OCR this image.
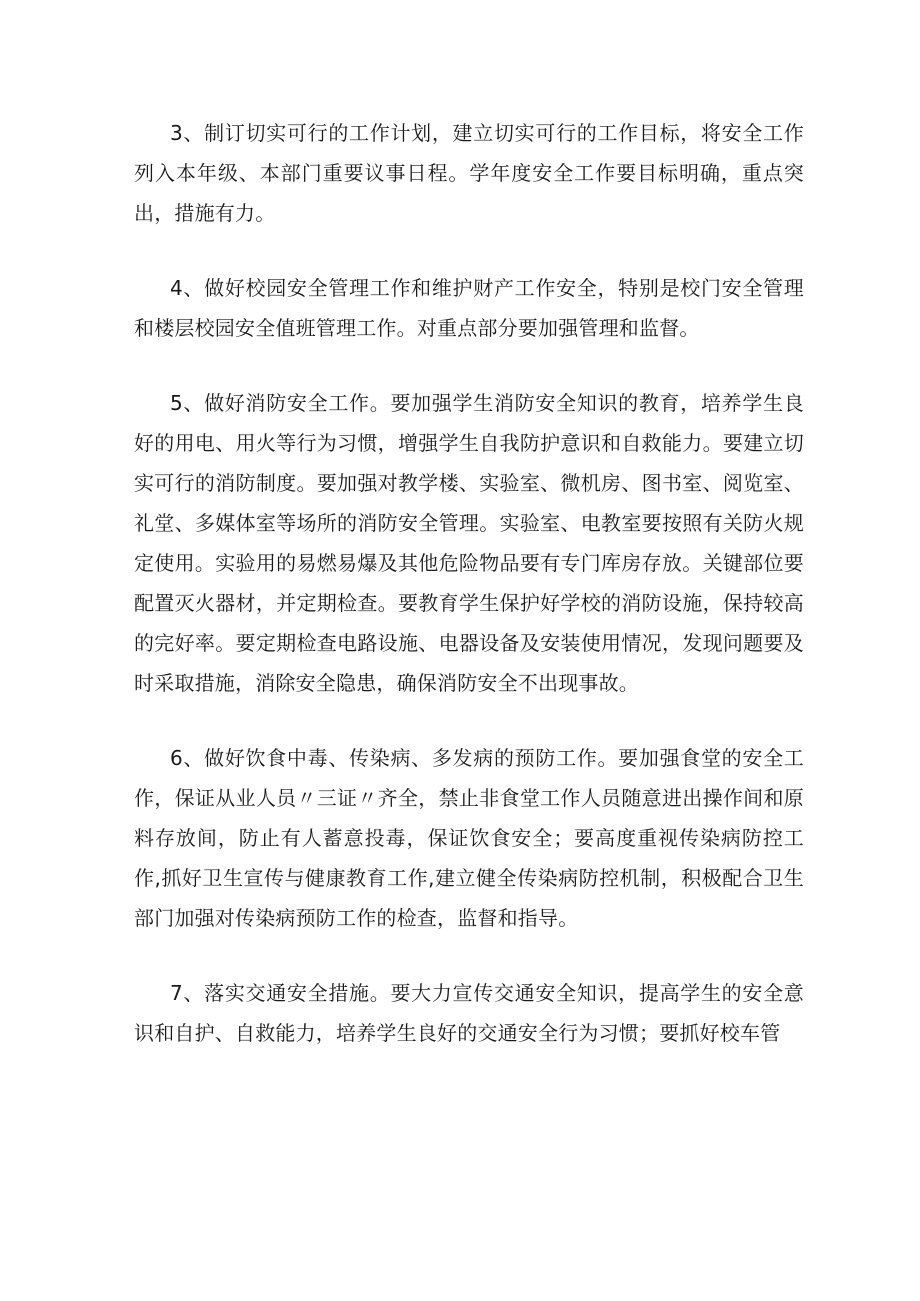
3、制订切实可行的工作计划，建立切实可行的工作目标，将安全工作列入本年级、本部门重要议事日程。学年度安全工作要目标明确，重点突出，措施有力。

4、做好校园安全管理工作和维护财产工作安全，特别是校门安全管理和楼层校园安全值班管理工作。对重点部分要加强管理和监督。

5、做好消防安全工作。要加强学生消防安全知识的教育，培养学生良好的用电、用火等行为习惯，增强学生自我防护意识和自救能力。要建立切实可行的消防制度。要加强对教学楼、实验室、微机房、图书室、阅览室、礼堂、多媒体室等场所的消防安全管理。实验室、电教室要按照有关防火规定使用。实验用的易燃易爆及其他危险物品要有专门库房存放。关键部位要配置灭火器材，并定期检查。要教育学生保护好学校的消防设施，保持较高的完好率。要定期检查电路设施、电器设备及安装使用情况，发现问题要及时采取措施，消除安全隐患，确保消防安全不出现事故。

6、做好饮食中毒、传染病、多发病的预防工作。要加强食堂的安全工作，保证从业人员〃三证〃齐全，禁止非食堂工作人员随意进出操作间和原料存放间，防止有人蓄意投毒，保证饮食安全；要高度重视传染病防控工作,抓好卫生宣传与健康教育工作,建立健全传染病防控机制，积极配合卫生部门加强对传染病预防工作的检查，监督和指导。

7、落实交通安全措施。要大力宣传交通安全知识，提高学生的安全意识和自护、自救能力，培养学生良好的交通安全行为习惯；要抓好校车管
